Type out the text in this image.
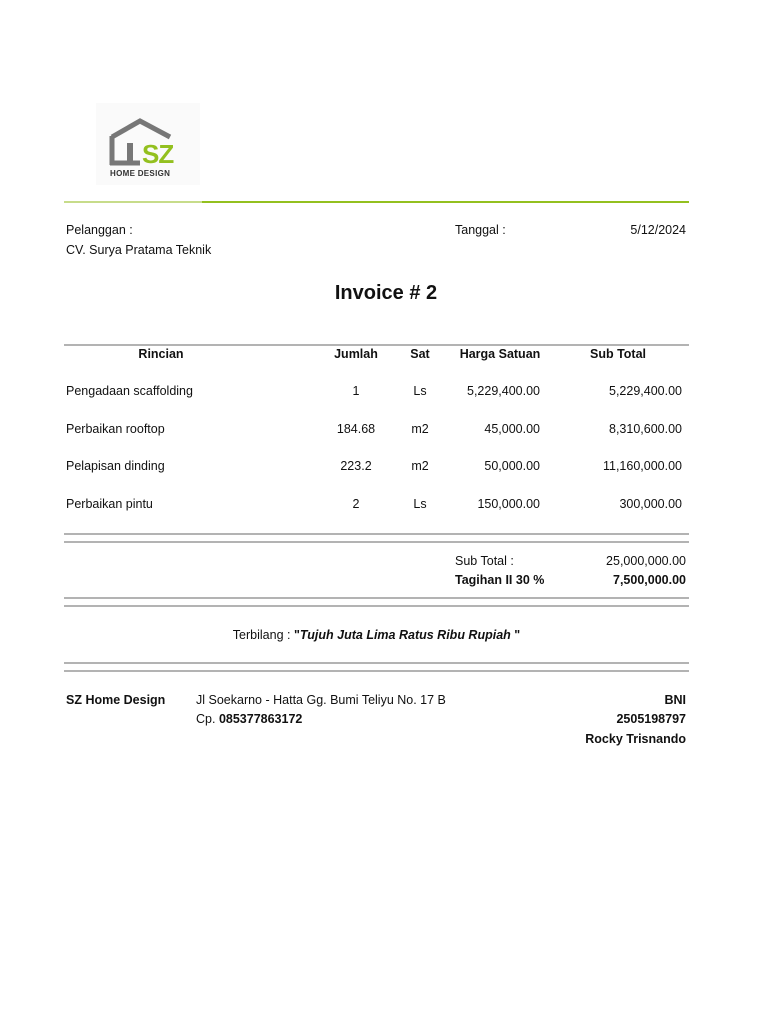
SZ
HOME DESIGN
Pelanggan :
CV. Surya Pratama Teknik
Tanggal :	5/12/2024
Invoice # 2
Rincian	Jumlah	Sat	Harga Satuan	Sub Total
Pengadaan scaffolding	1	Ls	5,229,400.00	5,229,400.00
Perbaikan rooftop	184.68	m2	45,000.00	8,310,600.00
Pelapisan dinding	223.2	m2	50,000.00	11,160,000.00
Perbaikan pintu	2	Ls	150,000.00	300,000.00
Sub Total :	25,000,000.00
Tagihan II 30 %	7,500,000.00
Terbilang : "Tujuh Juta Lima Ratus Ribu Rupiah "
SZ Home Design Jl Soekarno - Hatta Gg. Bumi Teliyu No. 17 B
Cp. 085377863172
BNI
2505198797
Rocky Trisnando
